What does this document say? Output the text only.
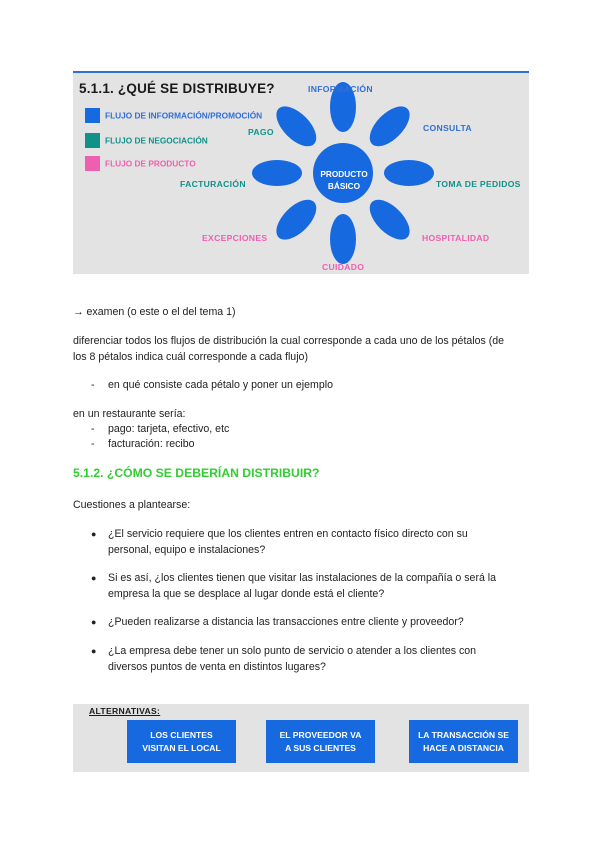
5.1.1. ¿QUÉ SE DISTRIBUYE?
FLUJO DE INFORMACIÓN/PROMOCIÓN
FLUJO DE NEGOCIACIÓN
FLUJO DE PRODUCTO
PRODUCTO
BÁSICO
INFORMACIÓN
CONSULTA
PAGO
TOMA DE PEDIDOS
FACTURACIÓN
EXCEPCIONES	HOSPITALIDAD
CUIDADO
→ examen (o este o el del tema 1)
diferenciar todos los flujos de distribución la cual corresponde a cada uno de los pétalos (de
los 8 pétalos indica cuál corresponde a cada flujo)
- en qué consiste cada pétalo y poner un ejemplo
en un restaurante sería:
- pago: tarjeta, efectivo, etc
- facturación: recibo
5.1.2. ¿CÓMO SE DEBERÍAN DISTRIBUIR?
Cuestiones a plantearse:
● ¿El servicio requiere que los clientes entren en contacto físico directo con su
personal, equipo e instalaciones?
● Si es así, ¿los clientes tienen que visitar las instalaciones de la compañía o será la
empresa la que se desplace al lugar donde está el cliente?
● ¿Pueden realizarse a distancia las transacciones entre cliente y proveedor?
● ¿La empresa debe tener un solo punto de servicio o atender a los clientes con
diversos puntos de venta en distintos lugares?
ALTERNATIVAS:
LOS CLIENTES
VISITAN EL LOCAL
EL PROVEEDOR VA
A SUS CLIENTES
LA TRANSACCIÓN SE
HACE A DISTANCIA
